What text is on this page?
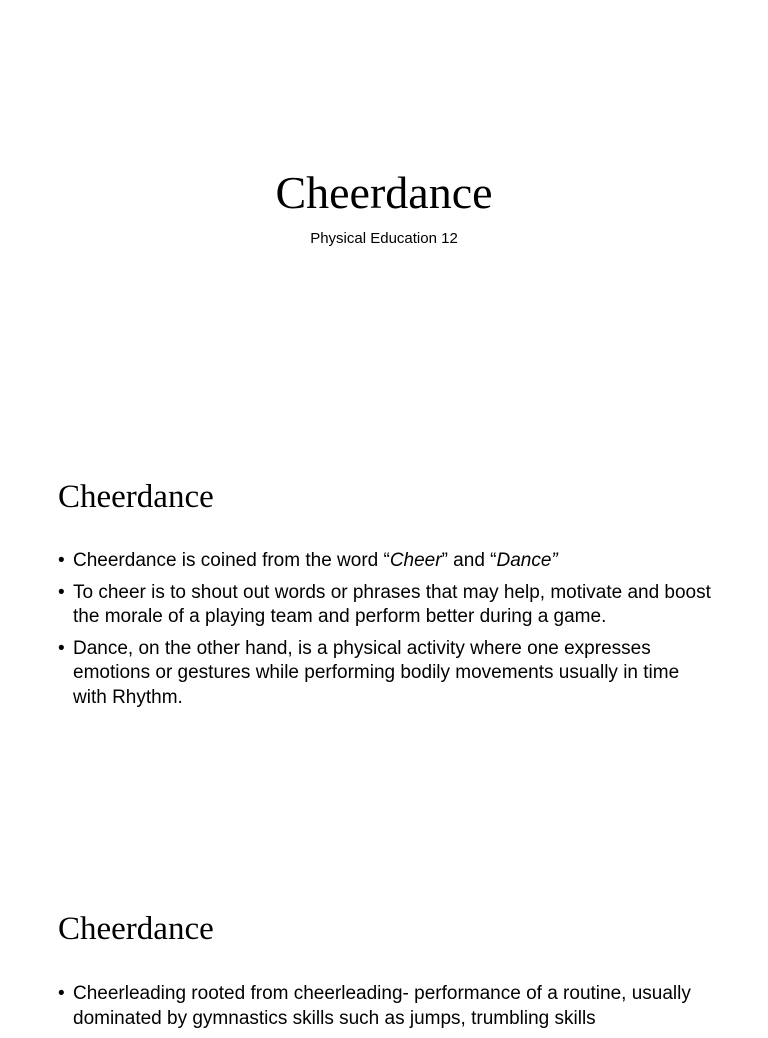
Cheerdance
Physical Education 12
Cheerdance
• Cheerdance is coined from the word “Cheer” and “Dance”
• To cheer is to shout out words or phrases that may help, motivate and boost the morale of a playing team and perform better during a game.
• Dance, on the other hand, is a physical activity where one expresses emotions or gestures while performing bodily movements usually in time with Rhythm.
Cheerdance
• Cheerleading rooted from cheerleading- performance of a routine, usually dominated by gymnastics skills such as jumps, trumbling skills
